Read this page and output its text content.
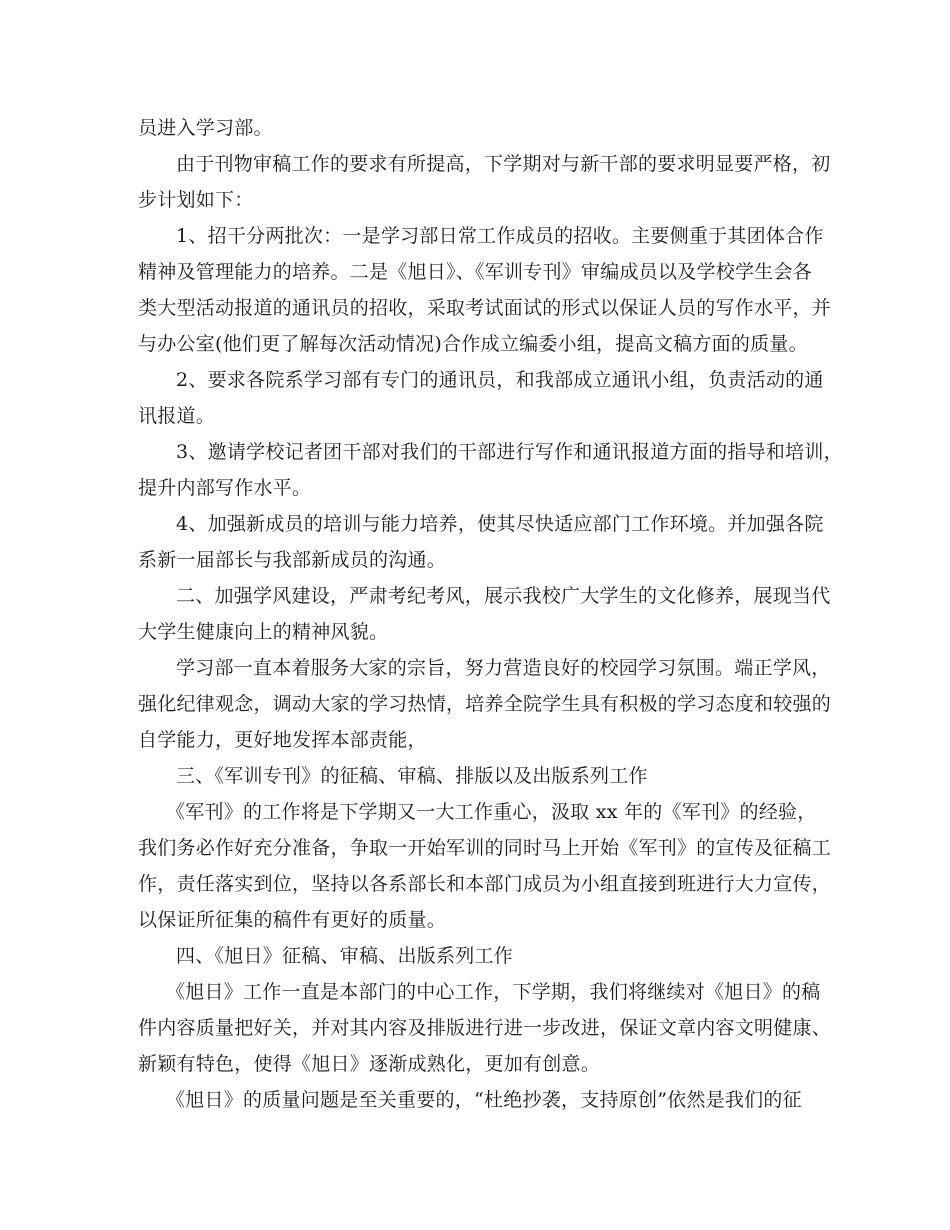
员进入学习部。
由于刊物审稿工作的要求有所提高，下学期对与新干部的要求明显要严格，初
步计划如下：
1、招干分两批次：一是学习部日常工作成员的招收。主要侧重于其团体合作
精神及管理能力的培养。二是《旭日》、《军训专刊》审编成员以及学校学生会各
类大型活动报道的通讯员的招收，采取考试面试的形式以保证人员的写作水平，并
与办公室(他们更了解每次活动情况)合作成立编委小组，提高文稿方面的质量。
2、要求各院系学习部有专门的通讯员，和我部成立通讯小组，负责活动的通
讯报道。
3、邀请学校记者团干部对我们的干部进行写作和通讯报道方面的指导和培训，
提升内部写作水平。
4、加强新成员的培训与能力培养，使其尽快适应部门工作环境。并加强各院
系新一届部长与我部新成员的沟通。
二、加强学风建设，严肃考纪考风，展示我校广大学生的文化修养，展现当代
大学生健康向上的精神风貌。
学习部一直本着服务大家的宗旨，努力营造良好的校园学习氛围。端正学风，
强化纪律观念，调动大家的学习热情，培养全院学生具有积极的学习态度和较强的
自学能力，更好地发挥本部责能，
三、《军训专刊》的征稿、审稿、排版以及出版系列工作
《军刊》的工作将是下学期又一大工作重心，汲取 xx 年的《军刊》的经验，
我们务必作好充分准备，争取一开始军训的同时马上开始《军刊》的宣传及征稿工
作，责任落实到位，坚持以各系部长和本部门成员为小组直接到班进行大力宣传，
以保证所征集的稿件有更好的质量。
四、《旭日》征稿、审稿、出版系列工作
《旭日》工作一直是本部门的中心工作，下学期，我们将继续对《旭日》的稿
件内容质量把好关，并对其内容及排版进行进一步改进，保证文章内容文明健康、
新颖有特色，使得《旭日》逐渐成熟化，更加有创意。
《旭日》的质量问题是至关重要的，“杜绝抄袭，支持原创”依然是我们的征
